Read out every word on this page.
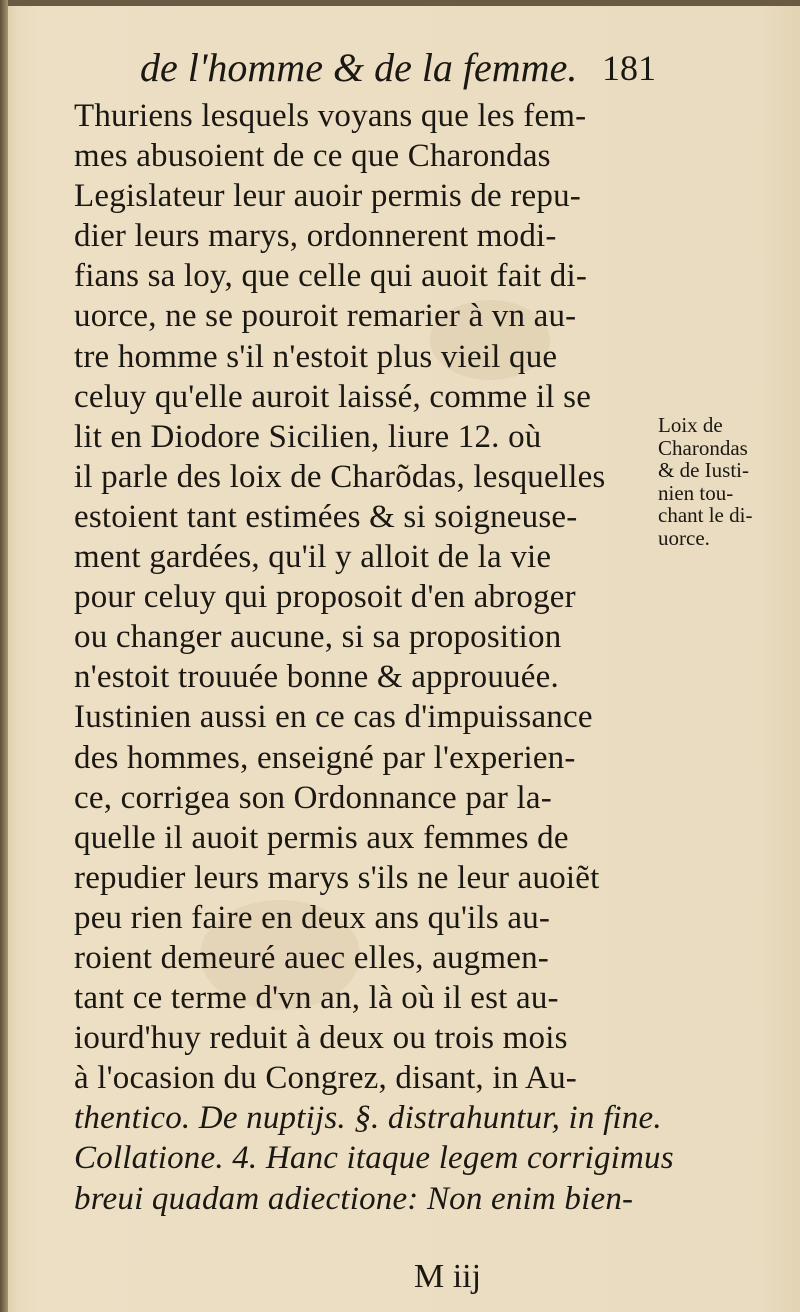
de l'homme & de la femme. 181
Thuriens lesquels voyans que les fem-
mes abusoient de ce que Charondas
Legislateur leur auoir permis de repu-
dier leurs marys, ordonnerent modi-
fians sa loy, que celle qui auoit fait di-
uorce, ne se pouroit remarier à vn au-
tre homme s'il n'estoit plus vieil que
celuy qu'elle auroit laissé, comme il se
lit en Diodore Sicilien, liure 12. où
il parle des loix de Charõdas, lesquelles
estoient tant estimées & si soigneuse-
ment gardées, qu'il y alloit de la vie
pour celuy qui proposoit d'en abroger
ou changer aucune, si sa proposition
n'estoit trouuée bonne & approuuée.
Iustinien aussi en ce cas d'impuissance
des hommes, enseigné par l'experien-
ce, corrigea son Ordonnance par la-
quelle il auoit permis aux femmes de
repudier leurs marys s'ils ne leur auoiẽt
peu rien faire en deux ans qu'ils au-
roient demeuré auec elles, augmen-
tant ce terme d'vn an, là où il est au-
iourd'huy reduit à deux ou trois mois
à l'ocasion du Congrez, disant, in Au-
thentico. De nuptijs. §. distrahuntur, in fine.
Collatione. 4. Hanc itaque legem corrigimus
breui quadam adiectione: Non enim bien-
Loix de
Charondas
& de Iusti-
nien tou-
chant le di-
uorce.
M iij
